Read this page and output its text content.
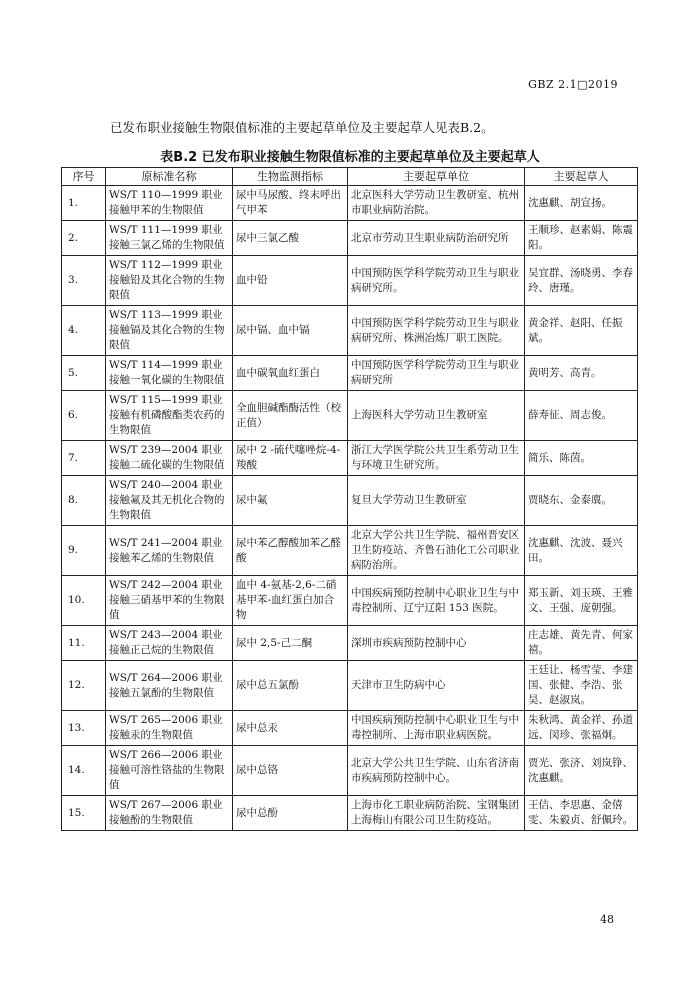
GBZ 2.1□2019
已发布职业接触生物限值标准的主要起草单位及主要起草人见表B.2。
表B.2 已发布职业接触生物限值标准的主要起草单位及主要起草人
序号	原标准名称	生物监测指标	主要起草单位	主要起草人
1.	WS/T 110—1999 职业接触甲苯的生物限值	尿中马尿酸、终末呼出气甲苯	北京医科大学劳动卫生教研室、杭州市职业病防治院。	沈惠麒、胡宣扬。
2.	WS/T 111—1999 职业接触三氯乙烯的生物限值	尿中三氯乙酸	北京市劳动卫生职业病防治研究所	王顺珍、赵素娟、陈震阳。
3.	WS/T 112—1999 职业接触铅及其化合物的生物限值	血中铅	中国预防医学科学院劳动卫生与职业病研究所。	吴宜群、汤晓勇、李春玲、唐瑾。
4.	WS/T 113—1999 职业接触镉及其化合物的生物限值	尿中镉、血中镉	中国预防医学科学院劳动卫生与职业病研究所、株洲冶炼厂职工医院。	黄金祥、赵阳、任振斌。
5.	WS/T 114—1999 职业接触一氧化碳的生物限值	血中碳氧血红蛋白	中国预防医学科学院劳动卫生与职业病研究所	黄明芳、高青。
6.	WS/T 115—1999 职业接触有机磷酸酯类农药的生物限值	全血胆碱酯酶活性（校正值）	上海医科大学劳动卫生教研室	薛寿征、周志俊。
7.	WS/T 239—2004 职业接触二硫化碳的生物限值	尿中 2 -硫代噻唑烷-4-羧酸	浙江大学医学院公共卫生系劳动卫生与环境卫生研究所。	简乐、陈茵。
8.	WS/T 240—2004 职业接触氟及其无机化合物的生物限值	尿中氟	复旦大学劳动卫生教研室	贾晓东、金泰廙。
9.	WS/T 241—2004 职业接触苯乙烯的生物限值	尿中苯乙醇酸加苯乙醛酸	北京大学公共卫生学院、福州晋安区卫生防疫站、齐鲁石油化工公司职业病防治所。	沈惠麒、沈波、聂兴田。
10.	WS/T 242—2004 职业接触三硝基甲苯的生物限值	血中 4-氨基-2,6-二硝基甲苯-血红蛋白加合物	中国疾病预防控制中心职业卫生与中毒控制所、辽宁辽阳 153 医院。	郑玉新、刘玉瑛、王雅文、王强、庞朝强。
11.	WS/T 243—2004 职业接触正己烷的生物限值	尿中 2,5-己二酮	深圳市疾病预防控制中心	庄志雄、黄先青、何家禧。
12.	WS/T 264—2006 职业接触五氯酚的生物限值	尿中总五氯酚	天津市卫生防病中心	王廷让、杨雪莹、李建国、张健、李浩、张昊、赵淑岚。
13.	WS/T 265—2006 职业接触汞的生物限值	尿中总汞	中国疾病预防控制中心职业卫生与中毒控制所、上海市职业病医院。	朱秋鸿、黄金祥、孙道远、闵珍、张福炯。
14.	WS/T 266—2006 职业接触可溶性铬盐的生物限值	尿中总铬	北京大学公共卫生学院、山东省济南市疾病预防控制中心。	贾光、张济、刘岚铮、沈惠麒。
15.	WS/T 267—2006 职业接触酚的生物限值	尿中总酚	上海市化工职业病防治院、宝钢集团上海梅山有限公司卫生防疫站。	王佶、李思惠、金僖雯、朱毅贞、舒佩玲。
48
